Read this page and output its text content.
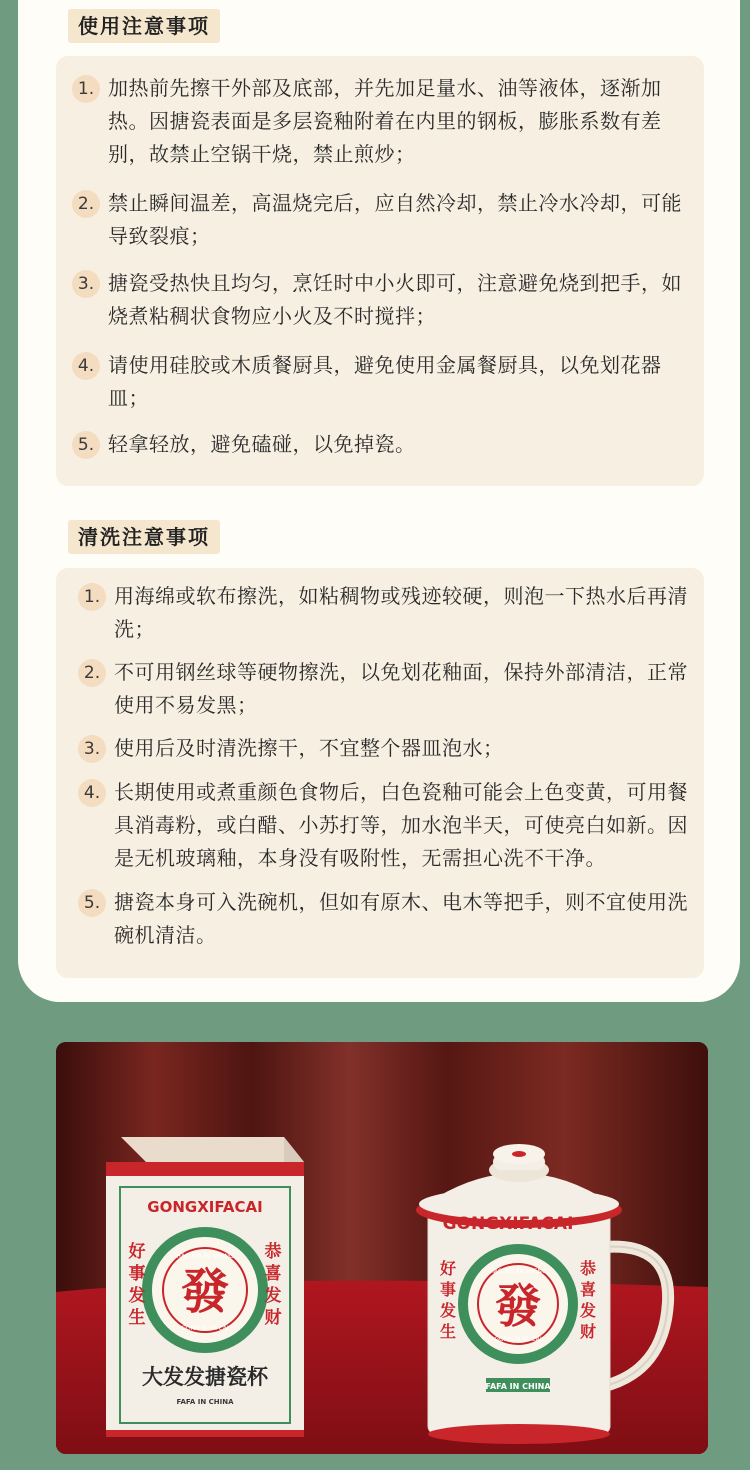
使用注意事项
1. 加热前先擦干外部及底部，并先加足量水、油等液体，逐渐加热。因搪瓷表面是多层瓷釉附着在内里的钢板，膨胀系数有差别，故禁止空锅干烧，禁止煎炒；
2. 禁止瞬间温差，高温烧完后，应自然冷却，禁止冷水冷却，可能导致裂痕；
3. 搪瓷受热快且均匀，烹饪时中小火即可，注意避免烧到把手，如烧煮粘稠状食物应小火及不时搅拌；
4. 请使用硅胶或木质餐厨具，避免使用金属餐厨具，以免划花器皿；
5. 轻拿轻放，避免磕碰，以免掉瓷。
清洗注意事项
1. 用海绵或软布擦洗，如粘稠物或残迹较硬，则泡一下热水后再清洗；
2. 不可用钢丝球等硬物擦洗，以免划花釉面，保持外部清洁，正常使用不易发黑；
3. 使用后及时清洗擦干，不宜整个器皿泡水；
4. 长期使用或煮重颜色食物后，白色瓷釉可能会上色变黄，可用餐具消毒粉，或白醋、小苏打等，加水泡半天，可使亮白如新。因是无机玻璃釉，本身没有吸附性，无需担心洗不干净。
5. 搪瓷本身可入洗碗机，但如有原木、电木等把手，则不宜使用洗碗机清洁。
GONGXIFACAI
HAO SHI FA SHENG
GONG XI FA CAI
發
好
事
发
生
恭
喜
发
财
大发发搪瓷杯
FAFA IN CHINA
GONGXIFACAI
HAO SHI FA SHENG
GONG XI FA CAI
發
好
事
发
生
恭
喜
发
财
FAFA IN CHINA
